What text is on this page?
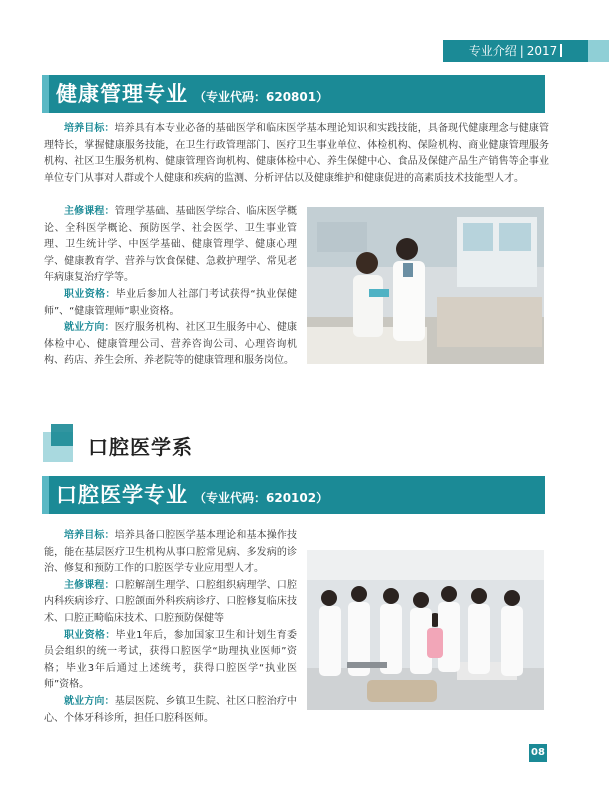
专业介绍 | 2017
健康管理专业 （专业代码：620801）
培养目标：培养具有本专业必备的基础医学和临床医学基本理论知识和实践技能，具备现代健康理念与健康管理特长，掌握健康服务技能，在卫生行政管理部门、医疗卫生事业单位、体检机构、保险机构、商业健康管理服务机构、社区卫生服务机构、健康管理咨询机构、健康体检中心、养生保健中心、食品及保健产品生产销售等企事业单位专门从事对人群或个人健康和疾病的监测、分析评估以及健康维护和健康促进的高素质技术技能型人才。
主修课程：管理学基础、基础医学综合、临床医学概论、全科医学概论、预防医学、社会医学、卫生事业管理、卫生统计学、中医学基础、健康管理学、健康心理学、健康教育学、营养与饮食保健、急救护理学、常见老年病康复治疗学等。
职业资格：毕业后参加人社部门考试获得“执业保健师”、“健康管理师”职业资格。
就业方向：医疗服务机构、社区卫生服务中心、健康体检中心、健康管理公司、营养咨询公司、心理咨询机构、药店、养生会所、养老院等的健康管理和服务岗位。
口腔医学系
口腔医学专业 （专业代码：620102）
培养目标：培养具备口腔医学基本理论和基本操作技能，能在基层医疗卫生机构从事口腔常见病、多发病的诊治、修复和预防工作的口腔医学专业应用型人才。
主修课程：口腔解剖生理学、口腔组织病理学、口腔内科疾病诊疗、口腔颌面外科疾病诊疗、口腔修复临床技术、口腔正畸临床技术、口腔预防保健等
职业资格：毕业1年后，参加国家卫生和计划生育委员会组织的统一考试，获得口腔医学“助理执业医师”资格；毕业3年后通过上述统考，获得口腔医学“执业医师”资格。
就业方向：基层医院、乡镇卫生院、社区口腔治疗中心、个体牙科诊所，担任口腔科医师。
08
